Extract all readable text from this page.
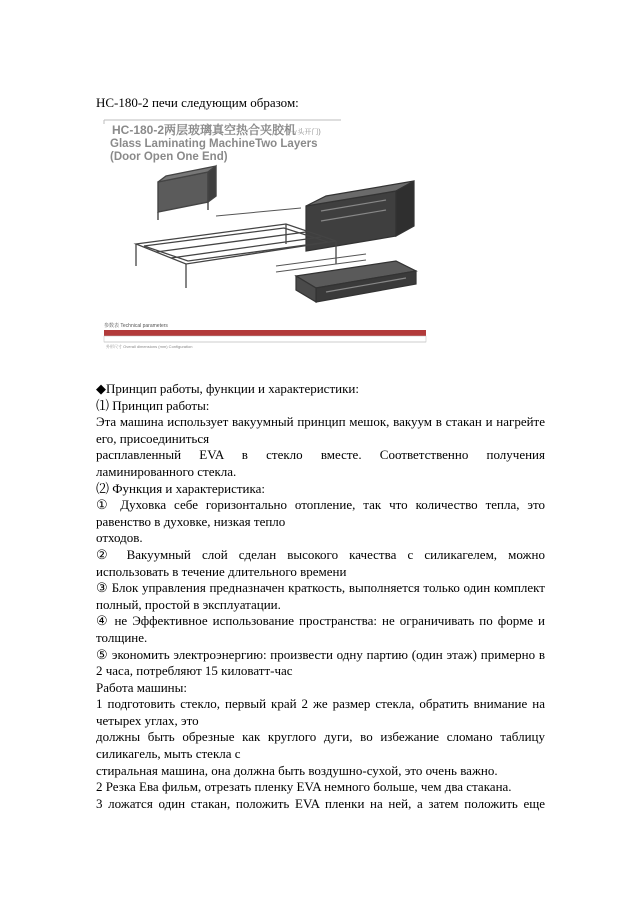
HC-180-2 печи следующим образом:
HC-180-2两层玻璃真空热合夹胶机
(一头开门)
Glass Laminating MachineTwo Layers
(Door Open One End)
参数表 Technical parameters
外形尺寸 Overall dimensions (mm) Configuration

◆Принцип работы, функции и характеристики:

⑴ Принцип работы:

Эта машина использует вакуумный принцип мешок, вакуум в стакан и нагрейте

его, присоединиться

расплавленный EVA в стекло вместе. Соответственно получения

ламинированного стекла.

⑵ Функция и характеристика:

① Духовка себе горизонтально отопление, так что количество тепла, это

равенство в духовке, низкая тепло

отходов.

② Вакуумный слой сделан высокого качества с силикагелем, можно

использовать в течение длительного времени

③ Блок управления предназначен краткость, выполняется только один комплект

полный, простой в эксплуатации.

④ не Эффективное использование пространства: не ограничивать по форме и

толщине.

⑤ экономить электроэнергию: произвести одну партию (один этаж) примерно в

2 часа, потребляют 15 киловатт-час

Работа машины:

1 подготовить стекло, первый край 2 же размер стекла, обратить внимание на

четырех углах, это

должны быть обрезные как круглого дуги, во избежание сломано таблицу

силикагель, мыть стекла с

стиральная машина, она должна быть воздушно-сухой, это очень важно.

2 Резка Ева фильм, отрезать пленку EVA немного больше, чем два стакана.

3 ложатся один стакан, положить EVA пленки на ней, а затем положить еще
